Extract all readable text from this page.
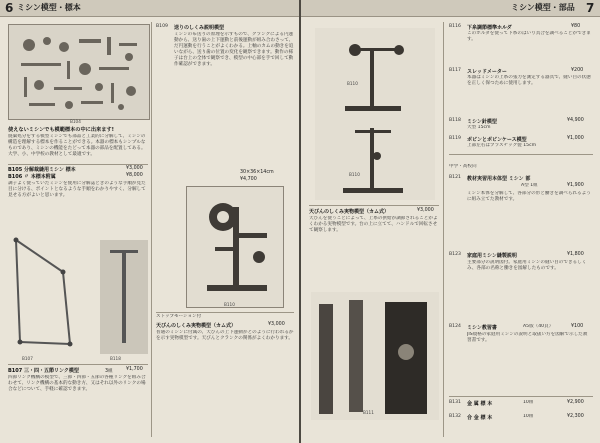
6 ミシン模型・標本
B104
使えないミシンでも模範標本の中に出来ます!
廃棄処分をする模型ミシンでも部品と工業的に分解して、ミシンの構造を理解する標本を作ることができる。本器の標本もシンプルなものであり、ミシンの機能をたどって本器の部品を配置してある。大学、小、中学校の教材として最適です。
B105 分解裁縫用ミシン 標本	¥3,000
B106 〃 本標本附属	¥8,000
調子よく使っていたミシンを使用に分解誌ときのような手順が見た目に分ける、ポイントとなるような手順をわかりやすく、分解して見せる方がよいと思います。
B107	B118
B107 三・四・五節リンク模型	3組	¥1,700
四節リンク機構の模型で、三節・四節・五節の各種リンクを組み合わせて、リンク機構の基本的な動き方、又はそれ以外のリンクの場合などについて、手軽に確認できます。
B109 送りのしくみ説明模型
ミシンの布送りの原理を示すもので、クランクによる円運動から、送り歯の上下運動と前後運動が組み合わさって、だ円運動を行うことがよくわかる。上軸のカムの動きを追いながら、送り歯の位置の変化を観察できます。動作の様子は台上の全体で観察でき、模型の中心部を手で回して動作確認ができます。
30×36×14cm
¥4,700
B110
ストップモーション付
天びんのしくみ実物模型（カム式）	¥3,000
普通のミシンに付属の、天びんの上下運動がどのように行われるかを示す実物模型です。天びんとクランクの関係がよくわかります。
ミシン模型・部品 7
B110
B110
天びんのしくみ実物模型（カム式）	¥3,000
天びんを使うことによって、上糸の供給が調節されることがよくわかる実物模型です。台の上に立てて、ハンドルで回転させて観察します。
B111
B116 下糸調節標準ホルダ	¥80
このホルダを使って下糸のはいり具合を調べることができます。
B117 スレッドメーター	¥200
本器はミシンの上糸の張力を測定する器具で、縫い目の状態を正しく保つために使用します。
B118 ミシン針模型	¥4,900
大型 15cm
B119 ボビンとボビンケース模型	¥1,000
上部左右はプラスチック製 15cm
中学・高校向
B121 教材実習用本体型 ミシン 部
A型 1組	¥1,900
ミシン本体を分解して、各部分の形と働きを調べられるように組み立てた教材です。
B123 家庭用ミシン縫製説明	¥1,800
主要部分の説明図付。家庭用ミシンの縫い目のできるしくみ、各部の名称と働きを図解したものです。
B124 ミシン教習書	A5版（40頁）	¥100
JIS規格の家庭用ミシンの説明と取扱い方を図解で示した教習書です。
B131 金 属 標 本	10組	¥2,900
B132 合 金 標 本	10組	¥2,300
